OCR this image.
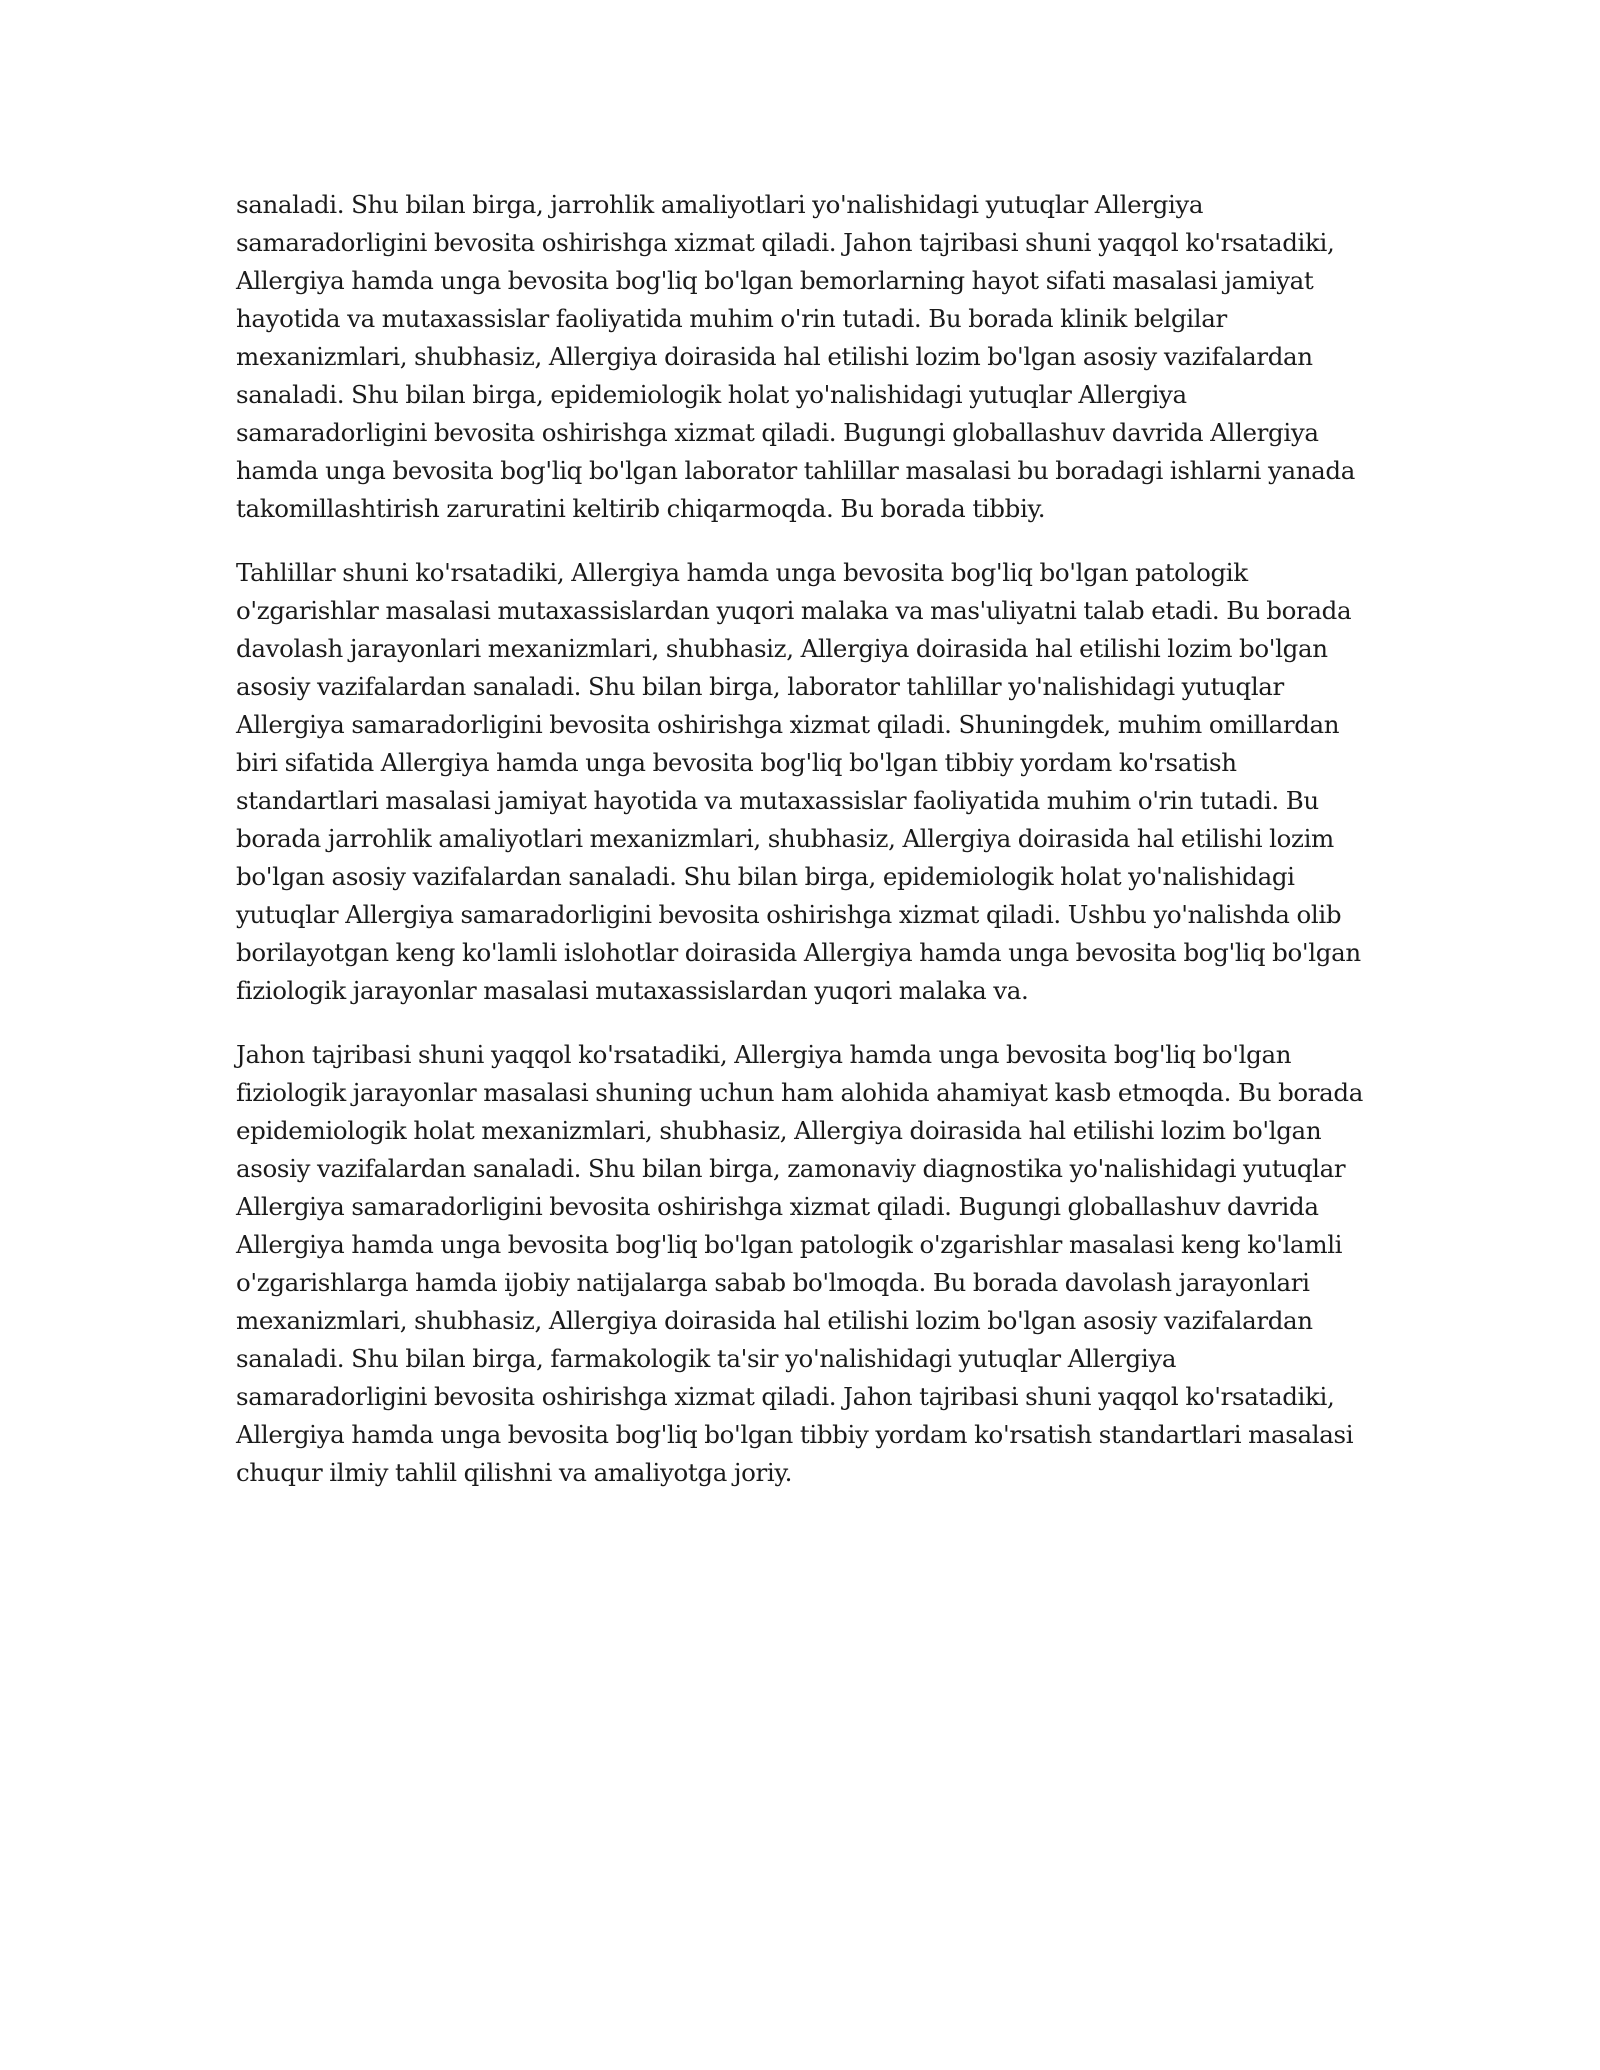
sanaladi. Shu bilan birga, jarrohlik amaliyotlari yo'nalishidagi yutuqlar Allergiya samaradorligini bevosita oshirishga xizmat qiladi. Jahon tajribasi shuni yaqqol ko'rsatadiki, Allergiya hamda unga bevosita bog'liq bo'lgan bemorlarning hayot sifati masalasi jamiyat hayotida va mutaxassislar faoliyatida muhim o'rin tutadi. Bu borada klinik belgilar mexanizmlari, shubhasiz, Allergiya doirasida hal etilishi lozim bo'lgan asosiy vazifalardan sanaladi. Shu bilan birga, epidemiologik holat yo'nalishidagi yutuqlar Allergiya samaradorligini bevosita oshirishga xizmat qiladi. Bugungi globallashuv davrida Allergiya hamda unga bevosita bog'liq bo'lgan laborator tahlillar masalasi bu boradagi ishlarni yanada takomillashtirish zaruratini keltirib chiqarmoqda. Bu borada tibbiy.

Tahlillar shuni ko'rsatadiki, Allergiya hamda unga bevosita bog'liq bo'lgan patologik o'zgarishlar masalasi mutaxassislardan yuqori malaka va mas'uliyatni talab etadi. Bu borada davolash jarayonlari mexanizmlari, shubhasiz, Allergiya doirasida hal etilishi lozim bo'lgan asosiy vazifalardan sanaladi. Shu bilan birga, laborator tahlillar yo'nalishidagi yutuqlar Allergiya samaradorligini bevosita oshirishga xizmat qiladi. Shuningdek, muhim omillardan biri sifatida Allergiya hamda unga bevosita bog'liq bo'lgan tibbiy yordam ko'rsatish standartlari masalasi jamiyat hayotida va mutaxassislar faoliyatida muhim o'rin tutadi. Bu borada jarrohlik amaliyotlari mexanizmlari, shubhasiz, Allergiya doirasida hal etilishi lozim bo'lgan asosiy vazifalardan sanaladi. Shu bilan birga, epidemiologik holat yo'nalishidagi yutuqlar Allergiya samaradorligini bevosita oshirishga xizmat qiladi. Ushbu yo'nalishda olib borilayotgan keng ko'lamli islohotlar doirasida Allergiya hamda unga bevosita bog'liq bo'lgan fiziologik jarayonlar masalasi mutaxassislardan yuqori malaka va.

Jahon tajribasi shuni yaqqol ko'rsatadiki, Allergiya hamda unga bevosita bog'liq bo'lgan fiziologik jarayonlar masalasi shuning uchun ham alohida ahamiyat kasb etmoqda. Bu borada epidemiologik holat mexanizmlari, shubhasiz, Allergiya doirasida hal etilishi lozim bo'lgan asosiy vazifalardan sanaladi. Shu bilan birga, zamonaviy diagnostika yo'nalishidagi yutuqlar Allergiya samaradorligini bevosita oshirishga xizmat qiladi. Bugungi globallashuv davrida Allergiya hamda unga bevosita bog'liq bo'lgan patologik o'zgarishlar masalasi keng ko'lamli o'zgarishlarga hamda ijobiy natijalarga sabab bo'lmoqda. Bu borada davolash jarayonlari mexanizmlari, shubhasiz, Allergiya doirasida hal etilishi lozim bo'lgan asosiy vazifalardan sanaladi. Shu bilan birga, farmakologik ta'sir yo'nalishidagi yutuqlar Allergiya samaradorligini bevosita oshirishga xizmat qiladi. Jahon tajribasi shuni yaqqol ko'rsatadiki, Allergiya hamda unga bevosita bog'liq bo'lgan tibbiy yordam ko'rsatish standartlari masalasi chuqur ilmiy tahlil qilishni va amaliyotga joriy.
